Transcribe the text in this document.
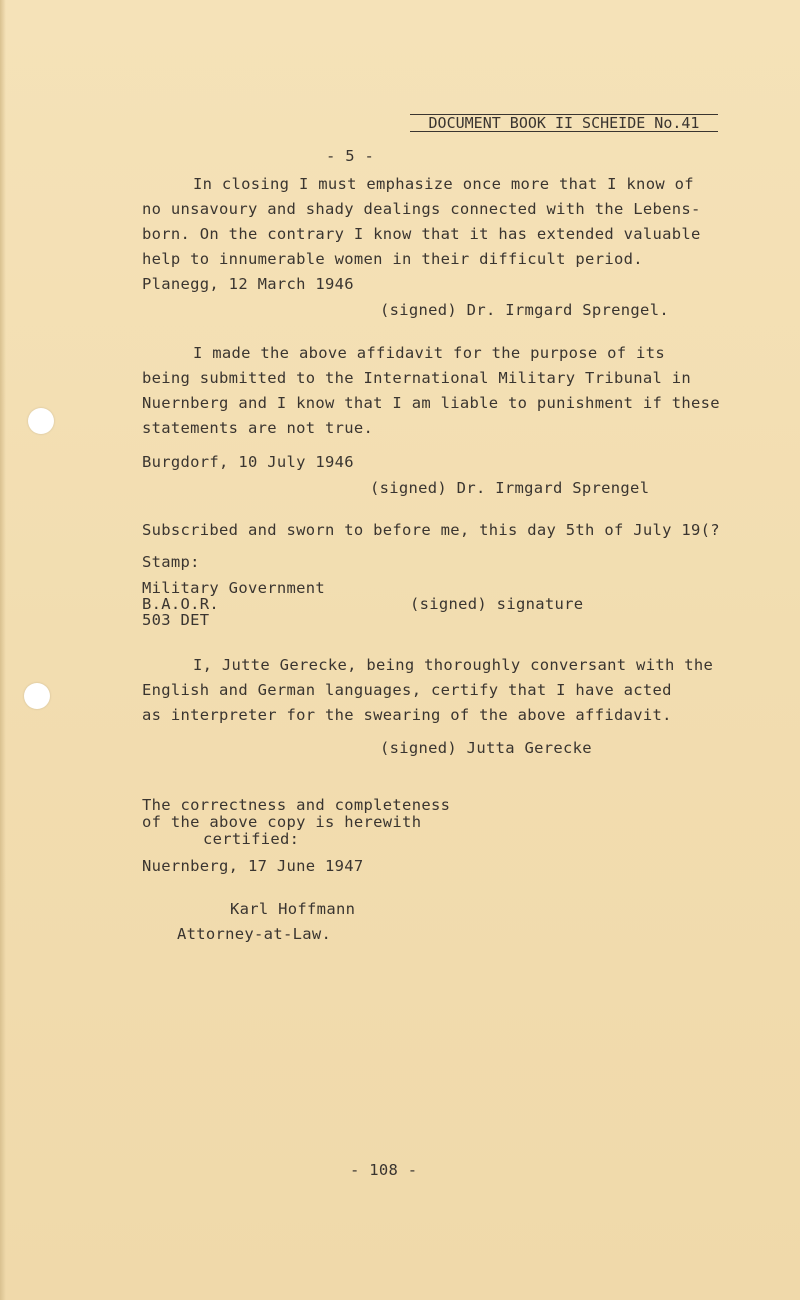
DOCUMENT BOOK II SCHEIDE No.41
- 5 -
In closing I must emphasize once more that I know of
no unsavoury and shady dealings connected with the Lebens-
born. On the contrary I know that it has extended valuable
help to innumerable women in their difficult period.
Planegg, 12 March 1946
(signed) Dr. Irmgard Sprengel.
I made the above affidavit for the purpose of its
being submitted to the International Military Tribunal in
Nuernberg and I know that I am liable to punishment if these
statements are not true.
Burgdorf, 10 July 1946
(signed) Dr. Irmgard Sprengel
Subscribed and sworn to before me, this day 5th of July 19(?
Stamp:
Military Government
B.A.O.R.
503 DET
(signed) signature
I, Jutte Gerecke, being thoroughly conversant with the
English and German languages, certify that I have acted
as interpreter for the swearing of the above affidavit.
(signed) Jutta Gerecke
The correctness and completeness
of the above copy is herewith
certified:
Nuernberg, 17 June 1947
Karl Hoffmann
Attorney-at-Law.
- 108 -
